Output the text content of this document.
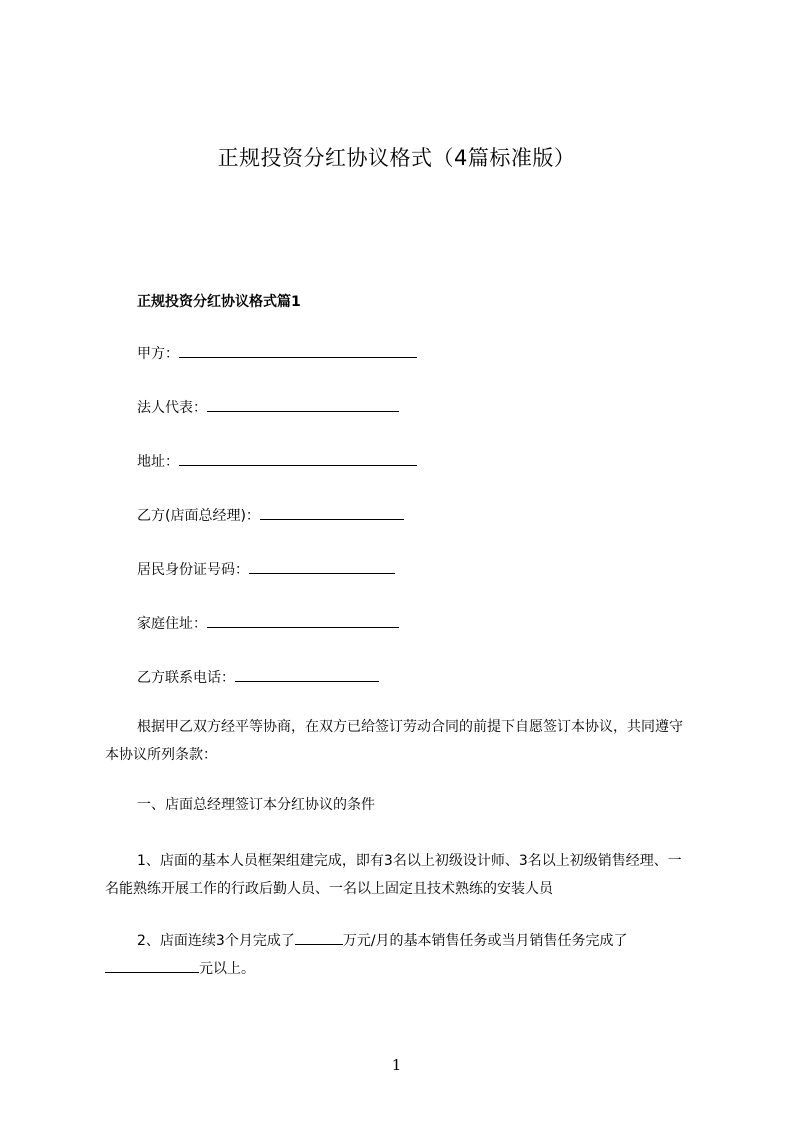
正规投资分红协议格式（4篇标准版）
正规投资分红协议格式篇1
甲方：
法人代表：
地址：
乙方(店面总经理)：
居民身份证号码：
家庭住址：
乙方联系电话：
根据甲乙双方经平等协商，在双方已给签订劳动合同的前提下自愿签订本协议，共同遵守本协议所列条款：
一、店面总经理签订本分红协议的条件
1、店面的基本人员框架组建完成，即有3名以上初级设计师、3名以上初级销售经理、一名能熟练开展工作的行政后勤人员、一名以上固定且技术熟练的安装人员
2、店面连续3个月完成了	万元/月的基本销售任务或当月销售任务完成了元以上。
1
